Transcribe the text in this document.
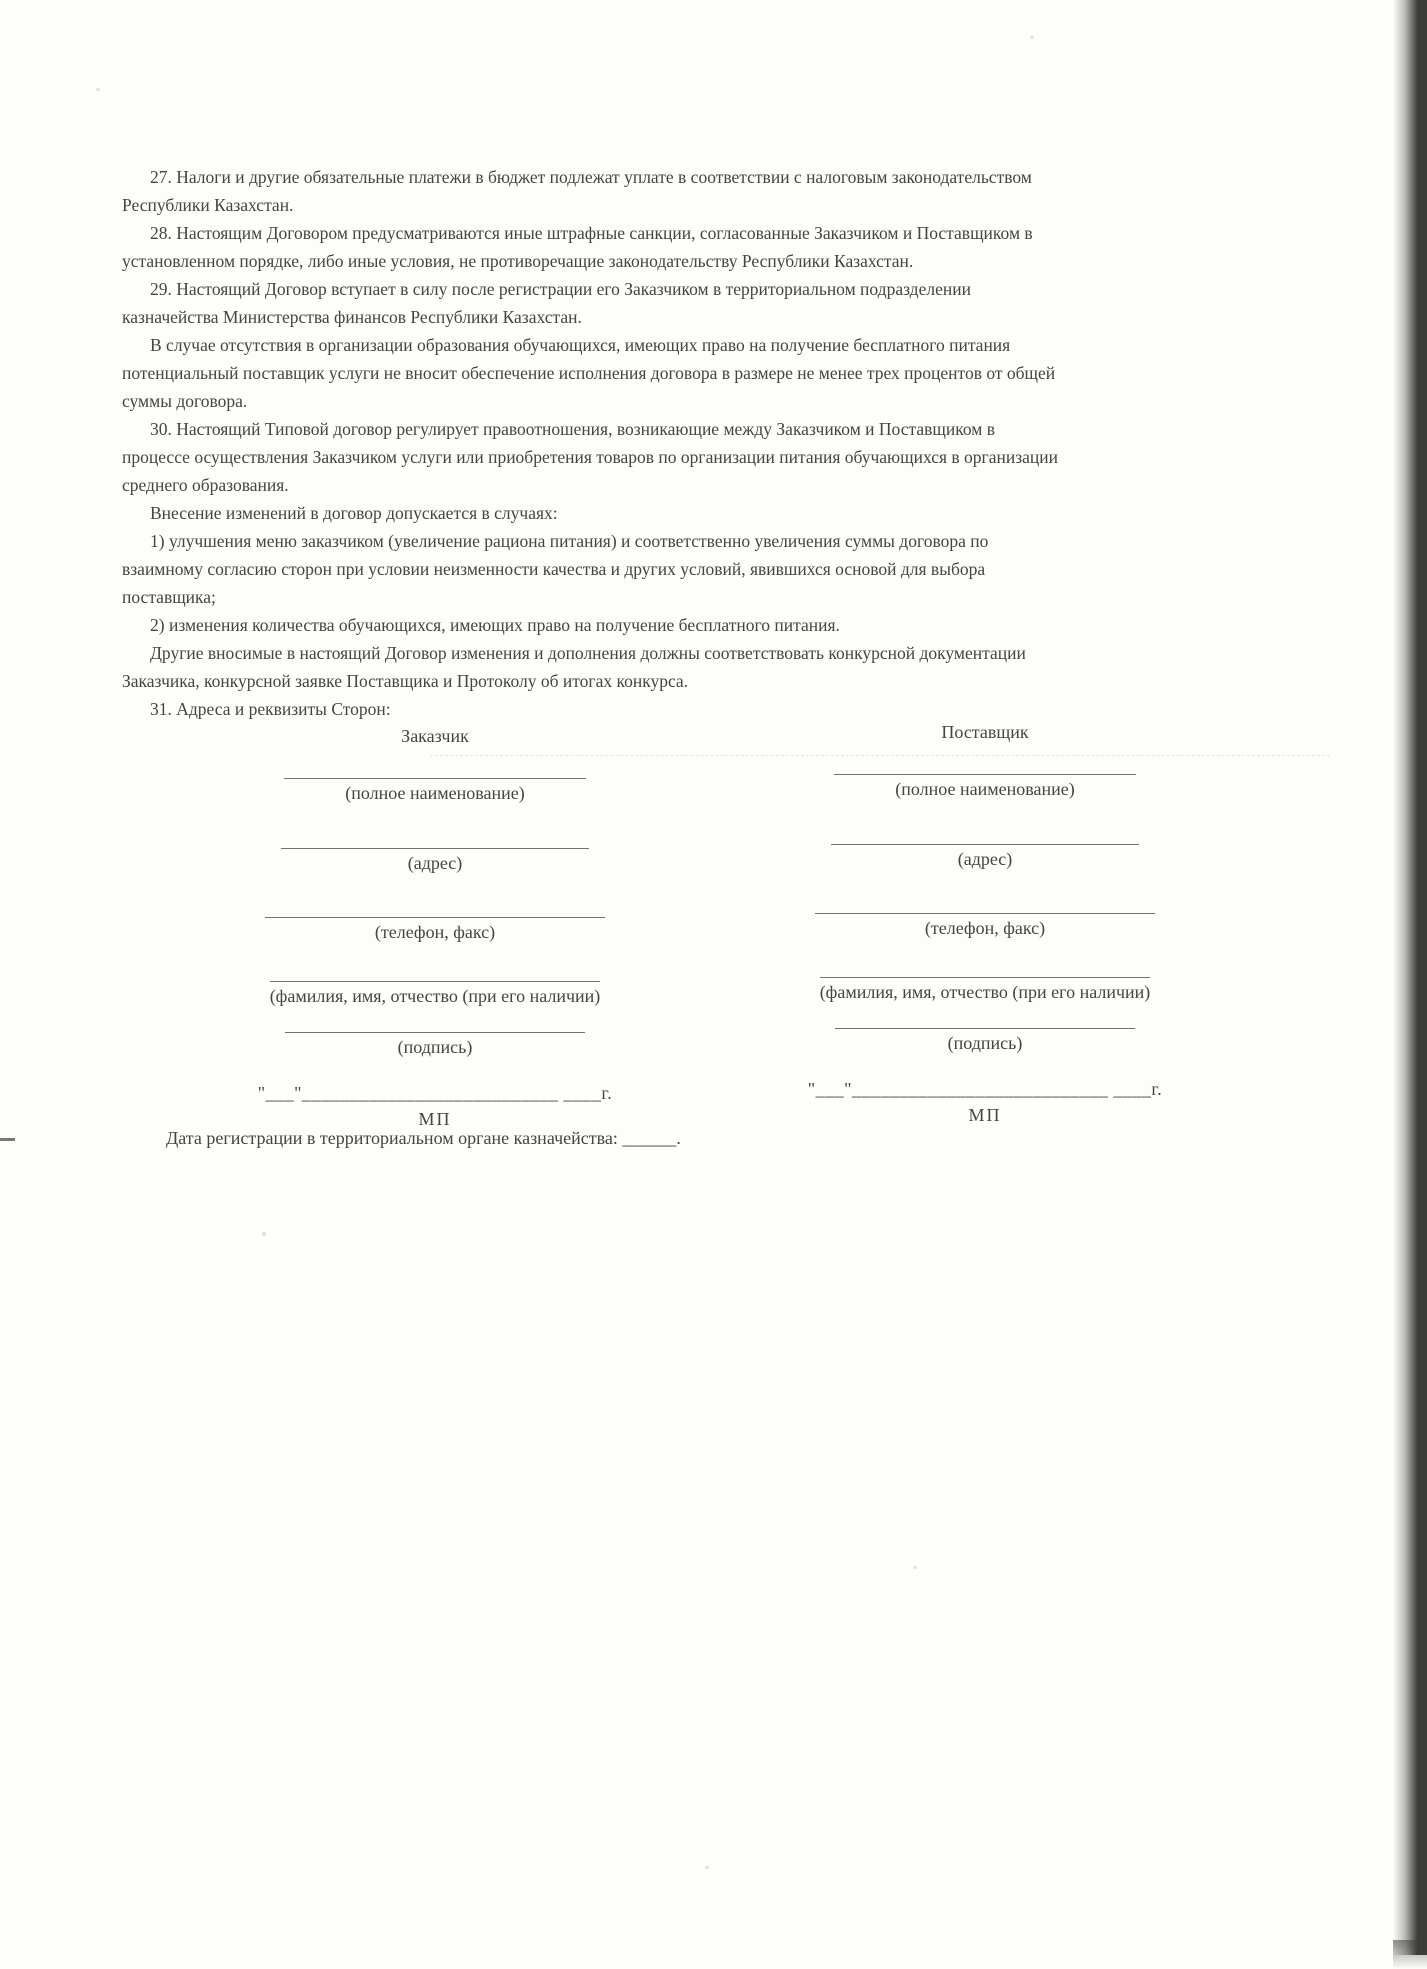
27. Налоги и другие обязательные платежи в бюджет подлежат уплате в соответствии с налоговым законодательством
Республики Казахстан.
28. Настоящим Договором предусматриваются иные штрафные санкции, согласованные Заказчиком и Поставщиком в
установленном порядке, либо иные условия, не противоречащие законодательству Республики Казахстан.
29. Настоящий Договор вступает в силу после регистрации его Заказчиком в территориальном подразделении
казначейства Министерства финансов Республики Казахстан.
В случае отсутствия в организации образования обучающихся, имеющих право на получение бесплатного питания
потенциальный поставщик услуги не вносит обеспечение исполнения договора в размере не менее трех процентов от общей
суммы договора.
30. Настоящий Типовой договор регулирует правоотношения, возникающие между Заказчиком и Поставщиком в
процессе осуществления Заказчиком услуги или приобретения товаров по организации питания обучающихся в организации
среднего образования.
Внесение изменений в договор допускается в случаях:
1) улучшения меню заказчиком (увеличение рациона питания) и соответственно увеличения суммы договора по
взаимному согласию сторон при условии неизменности качества и других условий, явившихся основой для выбора
поставщика;
2) изменения количества обучающихся, имеющих право на получение бесплатного питания.
Другие вносимые в настоящий Договор изменения и дополнения должны соответствовать конкурсной документации
Заказчика, конкурсной заявке Поставщика и Протоколу об итогах конкурса.
31. Адреса и реквизиты Сторон:
Заказчик
(полное наименование)
(адрес)
(телефон, факс)
(фамилия, имя, отчество (при его наличии)
(подпись)
"___"___________________________ ____г.
МП
Поставщик
(полное наименование)
(адрес)
(телефон, факс)
(фамилия, имя, отчество (при его наличии)
(подпись)
"___"___________________________ ____г.
МП
Дата регистрации в территориальном органе казначейства: ______.
